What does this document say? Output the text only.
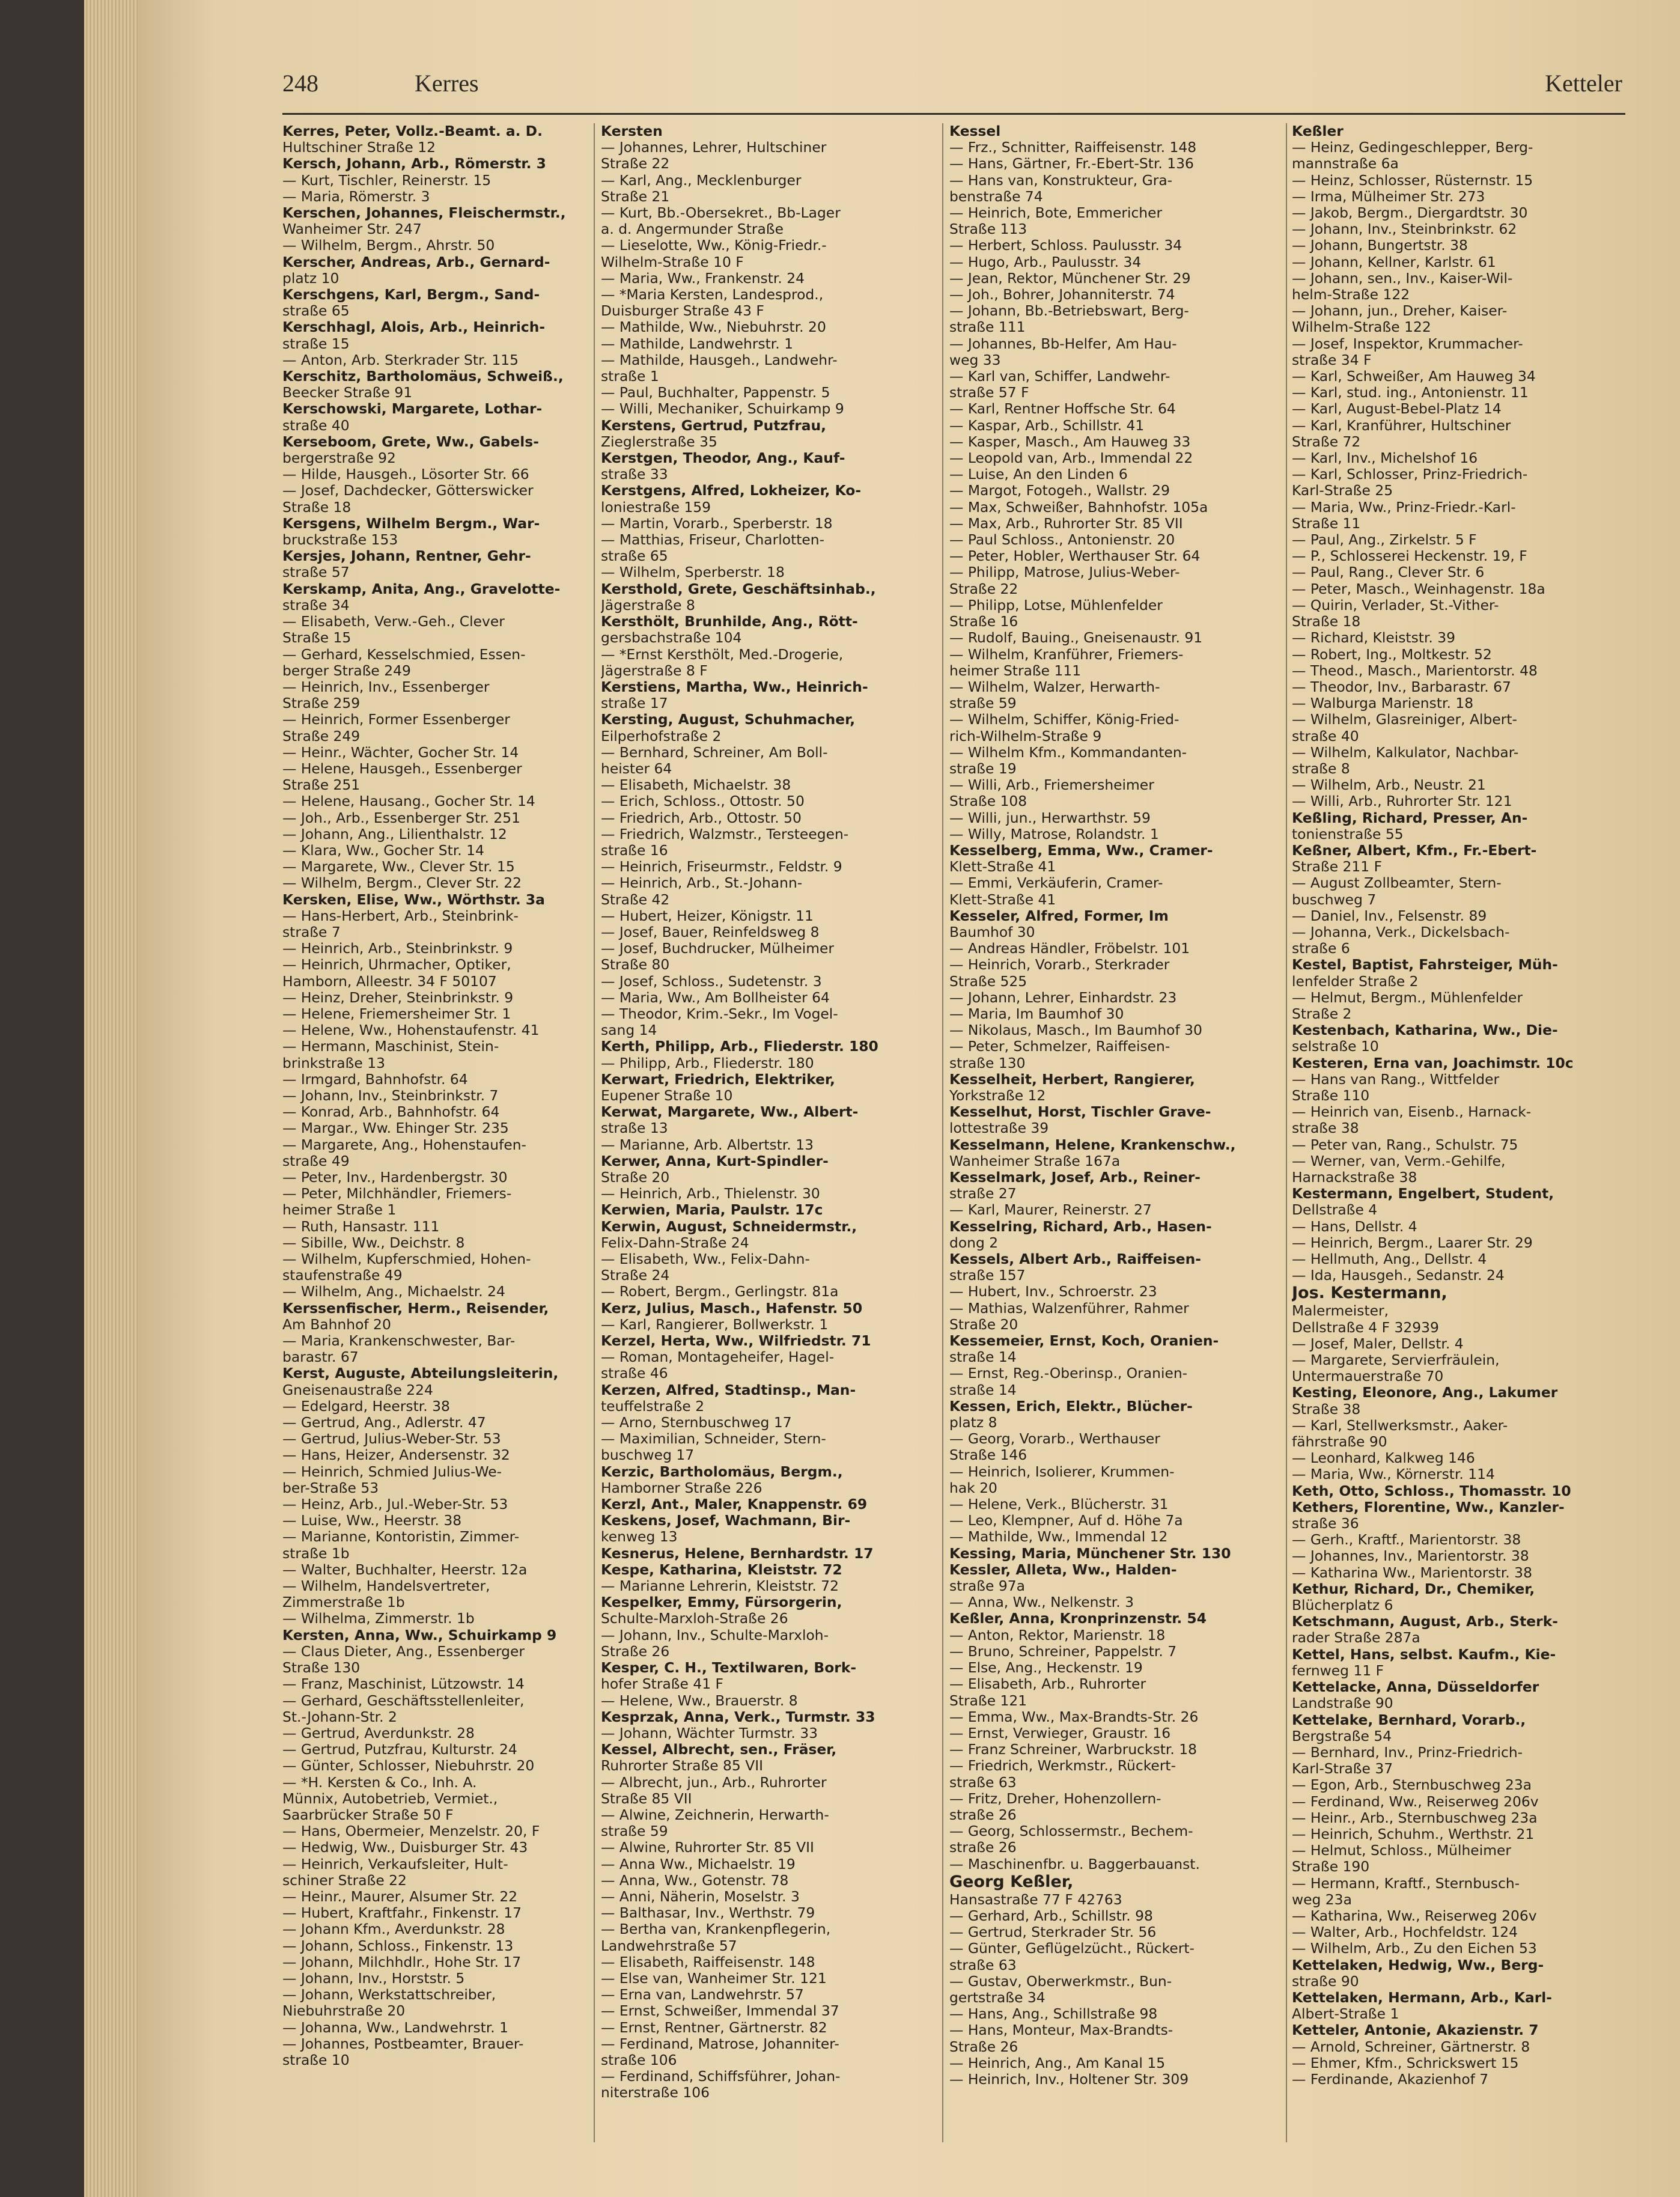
248	Kerres	Ketteler
Kerres, Peter, Vollz.-Beamt. a. D.
Hultschiner Straße 12
Kersch, Johann, Arb., Römerstr. 3
— Kurt, Tischler, Reinerstr. 15
— Maria, Römerstr. 3
Kerschen, Johannes, Fleischermstr.,
Wanheimer Str. 247
— Wilhelm, Bergm., Ahrstr. 50
Kerscher, Andreas, Arb., Gernard-
platz 10
Kerschgens, Karl, Bergm., Sand-
straße 65
Kerschhagl, Alois, Arb., Heinrich-
straße 15
— Anton, Arb. Sterkrader Str. 115
Kerschitz, Bartholomäus, Schweiß.,
Beecker Straße 91
Kerschowski, Margarete, Lothar-
straße 40
Kerseboom, Grete, Ww., Gabels-
bergerstraße 92
— Hilde, Hausgeh., Lösorter Str. 66
— Josef, Dachdecker, Götterswicker
Straße 18
Kersgens, Wilhelm Bergm., War-
bruckstraße 153
Kersjes, Johann, Rentner, Gehr-
straße 57
Kerskamp, Anita, Ang., Gravelotte-
straße 34
— Elisabeth, Verw.-Geh., Clever
Straße 15
— Gerhard, Kesselschmied, Essen-
berger Straße 249
— Heinrich, Inv., Essenberger
Straße 259
— Heinrich, Former Essenberger
Straße 249
— Heinr., Wächter, Gocher Str. 14
— Helene, Hausgeh., Essenberger
Straße 251
— Helene, Hausang., Gocher Str. 14
— Joh., Arb., Essenberger Str. 251
— Johann, Ang., Lilienthalstr. 12
— Klara, Ww., Gocher Str. 14
— Margarete, Ww., Clever Str. 15
— Wilhelm, Bergm., Clever Str. 22
Kersken, Elise, Ww., Wörthstr. 3a
— Hans-Herbert, Arb., Steinbrink-
straße 7
— Heinrich, Arb., Steinbrinkstr. 9
— Heinrich, Uhrmacher, Optiker,
Hamborn, Alleestr. 34 F 50107
— Heinz, Dreher, Steinbrinkstr. 9
— Helene, Friemersheimer Str. 1
— Helene, Ww., Hohenstaufenstr. 41
— Hermann, Maschinist, Stein-
brinkstraße 13
— Irmgard, Bahnhofstr. 64
— Johann, Inv., Steinbrinkstr. 7
— Konrad, Arb., Bahnhofstr. 64
— Margar., Ww. Ehinger Str. 235
— Margarete, Ang., Hohenstaufen-
straße 49
— Peter, Inv., Hardenbergstr. 30
— Peter, Milchhändler, Friemers-
heimer Straße 1
— Ruth, Hansastr. 111
— Sibille, Ww., Deichstr. 8
— Wilhelm, Kupferschmied, Hohen-
staufenstraße 49
— Wilhelm, Ang., Michaelstr. 24
Kerssenfischer, Herm., Reisender,
Am Bahnhof 20
— Maria, Krankenschwester, Bar-
barastr. 67
Kerst, Auguste, Abteilungsleiterin,
Gneisenaustraße 224
— Edelgard, Heerstr. 38
— Gertrud, Ang., Adlerstr. 47
— Gertrud, Julius-Weber-Str. 53
— Hans, Heizer, Andersenstr. 32
— Heinrich, Schmied Julius-We-
ber-Straße 53
— Heinz, Arb., Jul.-Weber-Str. 53
— Luise, Ww., Heerstr. 38
— Marianne, Kontoristin, Zimmer-
straße 1b
— Walter, Buchhalter, Heerstr. 12a
— Wilhelm, Handelsvertreter,
Zimmerstraße 1b
— Wilhelma, Zimmerstr. 1b
Kersten, Anna, Ww., Schuirkamp 9
— Claus Dieter, Ang., Essenberger
Straße 130
— Franz, Maschinist, Lützowstr. 14
— Gerhard, Geschäftsstellenleiter,
St.-Johann-Str. 2
— Gertrud, Averdunkstr. 28
— Gertrud, Putzfrau, Kulturstr. 24
— Günter, Schlosser, Niebuhrstr. 20
— *H. Kersten & Co., Inh. A.
Münnix, Autobetrieb, Vermiet.,
Saarbrücker Straße 50 F
— Hans, Obermeier, Menzelstr. 20, F
— Hedwig, Ww., Duisburger Str. 43
— Heinrich, Verkaufsleiter, Hult-
schiner Straße 22
— Heinr., Maurer, Alsumer Str. 22
— Hubert, Kraftfahr., Finkenstr. 17
— Johann Kfm., Averdunkstr. 28
— Johann, Schloss., Finkenstr. 13
— Johann, Milchhdlr., Hohe Str. 17
— Johann, Inv., Horststr. 5
— Johann, Werkstattschreiber,
Niebuhrstraße 20
— Johanna, Ww., Landwehrstr. 1
— Johannes, Postbeamter, Brauer-
straße 10
Kersten
— Johannes, Lehrer, Hultschiner
Straße 22
— Karl, Ang., Mecklenburger
Straße 21
— Kurt, Bb.-Obersekret., Bb-Lager
a. d. Angermunder Straße
— Lieselotte, Ww., König-Friedr.-
Wilhelm-Straße 10 F
— Maria, Ww., Frankenstr. 24
— *Maria Kersten, Landesprod.,
Duisburger Straße 43 F
— Mathilde, Ww., Niebuhrstr. 20
— Mathilde, Landwehrstr. 1
— Mathilde, Hausgeh., Landwehr-
straße 1
— Paul, Buchhalter, Pappenstr. 5
— Willi, Mechaniker, Schuirkamp 9
Kerstens, Gertrud, Putzfrau,
Zieglerstraße 35
Kerstgen, Theodor, Ang., Kauf-
straße 33
Kerstgens, Alfred, Lokheizer, Ko-
loniestraße 159
— Martin, Vorarb., Sperberstr. 18
— Matthias, Friseur, Charlotten-
straße 65
— Wilhelm, Sperberstr. 18
Kersthold, Grete, Geschäftsinhab.,
Jägerstraße 8
Kersthölt, Brunhilde, Ang., Rött-
gersbachstraße 104
— *Ernst Kersthölt, Med.-Drogerie,
Jägerstraße 8 F
Kerstiens, Martha, Ww., Heinrich-
straße 17
Kersting, August, Schuhmacher,
Eilperhofstraße 2
— Bernhard, Schreiner, Am Boll-
heister 64
— Elisabeth, Michaelstr. 38
— Erich, Schloss., Ottostr. 50
— Friedrich, Arb., Ottostr. 50
— Friedrich, Walzmstr., Tersteegen-
straße 16
— Heinrich, Friseurmstr., Feldstr. 9
— Heinrich, Arb., St.-Johann-
Straße 42
— Hubert, Heizer, Königstr. 11
— Josef, Bauer, Reinfeldsweg 8
— Josef, Buchdrucker, Mülheimer
Straße 80
— Josef, Schloss., Sudetenstr. 3
— Maria, Ww., Am Bollheister 64
— Theodor, Krim.-Sekr., Im Vogel-
sang 14
Kerth, Philipp, Arb., Fliederstr. 180
— Philipp, Arb., Fliederstr. 180
Kerwart, Friedrich, Elektriker,
Eupener Straße 10
Kerwat, Margarete, Ww., Albert-
straße 13
— Marianne, Arb. Albertstr. 13
Kerwer, Anna, Kurt-Spindler-
Straße 20
— Heinrich, Arb., Thielenstr. 30
Kerwien, Maria, Paulstr. 17c
Kerwin, August, Schneidermstr.,
Felix-Dahn-Straße 24
— Elisabeth, Ww., Felix-Dahn-
Straße 24
— Robert, Bergm., Gerlingstr. 81a
Kerz, Julius, Masch., Hafenstr. 50
— Karl, Rangierer, Bollwerkstr. 1
Kerzel, Herta, Ww., Wilfriedstr. 71
— Roman, Montageheifer, Hagel-
straße 46
Kerzen, Alfred, Stadtinsp., Man-
teuffelstraße 2
— Arno, Sternbuschweg 17
— Maximilian, Schneider, Stern-
buschweg 17
Kerzic, Bartholomäus, Bergm.,
Hamborner Straße 226
Kerzl, Ant., Maler, Knappenstr. 69
Keskens, Josef, Wachmann, Bir-
kenweg 13
Kesnerus, Helene, Bernhardstr. 17
Kespe, Katharina, Kleiststr. 72
— Marianne Lehrerin, Kleiststr. 72
Kespelker, Emmy, Fürsorgerin,
Schulte-Marxloh-Straße 26
— Johann, Inv., Schulte-Marxloh-
Straße 26
Kesper, C. H., Textilwaren, Bork-
hofer Straße 41 F
— Helene, Ww., Brauerstr. 8
Kesprzak, Anna, Verk., Turmstr. 33
— Johann, Wächter Turmstr. 33
Kessel, Albrecht, sen., Fräser,
Ruhrorter Straße 85 VII
— Albrecht, jun., Arb., Ruhrorter
Straße 85 VII
— Alwine, Zeichnerin, Herwarth-
straße 59
— Alwine, Ruhrorter Str. 85 VII
— Anna Ww., Michaelstr. 19
— Anna, Ww., Gotenstr. 78
— Anni, Näherin, Moselstr. 3
— Balthasar, Inv., Werthstr. 79
— Bertha van, Krankenpflegerin,
Landwehrstraße 57
— Elisabeth, Raiffeisenstr. 148
— Else van, Wanheimer Str. 121
— Erna van, Landwehrstr. 57
— Ernst, Schweißer, Immendal 37
— Ernst, Rentner, Gärtnerstr. 82
— Ferdinand, Matrose, Johanniter-
straße 106
— Ferdinand, Schiffsführer, Johan-
niterstraße 106
Kessel
— Frz., Schnitter, Raiffeisenstr. 148
— Hans, Gärtner, Fr.-Ebert-Str. 136
— Hans van, Konstrukteur, Gra-
benstraße 74
— Heinrich, Bote, Emmericher
Straße 113
— Herbert, Schloss. Paulusstr. 34
— Hugo, Arb., Paulusstr. 34
— Jean, Rektor, Münchener Str. 29
— Joh., Bohrer, Johanniterstr. 74
— Johann, Bb.-Betriebswart, Berg-
straße 111
— Johannes, Bb-Helfer, Am Hau-
weg 33
— Karl van, Schiffer, Landwehr-
straße 57 F
— Karl, Rentner Hoffsche Str. 64
— Kaspar, Arb., Schillstr. 41
— Kasper, Masch., Am Hauweg 33
— Leopold van, Arb., Immendal 22
— Luise, An den Linden 6
— Margot, Fotogeh., Wallstr. 29
— Max, Schweißer, Bahnhofstr. 105a
— Max, Arb., Ruhrorter Str. 85 VII
— Paul Schloss., Antonienstr. 20
— Peter, Hobler, Werthauser Str. 64
— Philipp, Matrose, Julius-Weber-
Straße 22
— Philipp, Lotse, Mühlenfelder
Straße 16
— Rudolf, Bauing., Gneisenaustr. 91
— Wilhelm, Kranführer, Friemers-
heimer Straße 111
— Wilhelm, Walzer, Herwarth-
straße 59
— Wilhelm, Schiffer, König-Fried-
rich-Wilhelm-Straße 9
— Wilhelm Kfm., Kommandanten-
straße 19
— Willi, Arb., Friemersheimer
Straße 108
— Willi, jun., Herwarthstr. 59
— Willy, Matrose, Rolandstr. 1
Kesselberg, Emma, Ww., Cramer-
Klett-Straße 41
— Emmi, Verkäuferin, Cramer-
Klett-Straße 41
Kesseler, Alfred, Former, Im
Baumhof 30
— Andreas Händler, Fröbelstr. 101
— Heinrich, Vorarb., Sterkrader
Straße 525
— Johann, Lehrer, Einhardstr. 23
— Maria, Im Baumhof 30
— Nikolaus, Masch., Im Baumhof 30
— Peter, Schmelzer, Raiffeisen-
straße 130
Kesselheit, Herbert, Rangierer,
Yorkstraße 12
Kesselhut, Horst, Tischler Grave-
lottestraße 39
Kesselmann, Helene, Krankenschw.,
Wanheimer Straße 167a
Kesselmark, Josef, Arb., Reiner-
straße 27
— Karl, Maurer, Reinerstr. 27
Kesselring, Richard, Arb., Hasen-
dong 2
Kessels, Albert Arb., Raiffeisen-
straße 157
— Hubert, Inv., Schroerstr. 23
— Mathias, Walzenführer, Rahmer
Straße 20
Kessemeier, Ernst, Koch, Oranien-
straße 14
— Ernst, Reg.-Oberinsp., Oranien-
straße 14
Kessen, Erich, Elektr., Blücher-
platz 8
— Georg, Vorarb., Werthauser
Straße 146
— Heinrich, Isolierer, Krummen-
hak 20
— Helene, Verk., Blücherstr. 31
— Leo, Klempner, Auf d. Höhe 7a
— Mathilde, Ww., Immendal 12
Kessing, Maria, Münchener Str. 130
Kessler, Alleta, Ww., Halden-
straße 97a
— Anna, Ww., Nelkenstr. 3
Keßler, Anna, Kronprinzenstr. 54
— Anton, Rektor, Marienstr. 18
— Bruno, Schreiner, Pappelstr. 7
— Else, Ang., Heckenstr. 19
— Elisabeth, Arb., Ruhrorter
Straße 121
— Emma, Ww., Max-Brandts-Str. 26
— Ernst, Verwieger, Graustr. 16
— Franz Schreiner, Warbruckstr. 18
— Friedrich, Werkmstr., Rückert-
straße 63
— Fritz, Dreher, Hohenzollern-
straße 26
— Georg, Schlossermstr., Bechem-
straße 26
— Maschinenfbr. u. Baggerbauanst.
Georg Keßler,
Hansastraße 77 F 42763
— Gerhard, Arb., Schillstr. 98
— Gertrud, Sterkrader Str. 56
— Günter, Geflügelzücht., Rückert-
straße 63
— Gustav, Oberwerkmstr., Bun-
gertstraße 34
— Hans, Ang., Schillstraße 98
— Hans, Monteur, Max-Brandts-
Straße 26
— Heinrich, Ang., Am Kanal 15
— Heinrich, Inv., Holtener Str. 309
Keßler
— Heinz, Gedingeschlepper, Berg-
mannstraße 6a
— Heinz, Schlosser, Rüsternstr. 15
— Irma, Mülheimer Str. 273
— Jakob, Bergm., Diergardtstr. 30
— Johann, Inv., Steinbrinkstr. 62
— Johann, Bungertstr. 38
— Johann, Kellner, Karlstr. 61
— Johann, sen., Inv., Kaiser-Wil-
helm-Straße 122
— Johann, jun., Dreher, Kaiser-
Wilhelm-Straße 122
— Josef, Inspektor, Krummacher-
straße 34 F
— Karl, Schweißer, Am Hauweg 34
— Karl, stud. ing., Antonienstr. 11
— Karl, August-Bebel-Platz 14
— Karl, Kranführer, Hultschiner
Straße 72
— Karl, Inv., Michelshof 16
— Karl, Schlosser, Prinz-Friedrich-
Karl-Straße 25
— Maria, Ww., Prinz-Friedr.-Karl-
Straße 11
— Paul, Ang., Zirkelstr. 5 F
— P., Schlosserei Heckenstr. 19, F
— Paul, Rang., Clever Str. 6
— Peter, Masch., Weinhagenstr. 18a
— Quirin, Verlader, St.-Vither-
Straße 18
— Richard, Kleiststr. 39
— Robert, Ing., Moltkestr. 52
— Theod., Masch., Marientorstr. 48
— Theodor, Inv., Barbarastr. 67
— Walburga Marienstr. 18
— Wilhelm, Glasreiniger, Albert-
straße 40
— Wilhelm, Kalkulator, Nachbar-
straße 8
— Wilhelm, Arb., Neustr. 21
— Willi, Arb., Ruhrorter Str. 121
Keßling, Richard, Presser, An-
tonienstraße 55
Keßner, Albert, Kfm., Fr.-Ebert-
Straße 211 F
— August Zollbeamter, Stern-
buschweg 7
— Daniel, Inv., Felsenstr. 89
— Johanna, Verk., Dickelsbach-
straße 6
Kestel, Baptist, Fahrsteiger, Müh-
lenfelder Straße 2
— Helmut, Bergm., Mühlenfelder
Straße 2
Kestenbach, Katharina, Ww., Die-
selstraße 10
Kesteren, Erna van, Joachimstr. 10c
— Hans van Rang., Wittfelder
Straße 110
— Heinrich van, Eisenb., Harnack-
straße 38
— Peter van, Rang., Schulstr. 75
— Werner, van, Verm.-Gehilfe,
Harnackstraße 38
Kestermann, Engelbert, Student,
Dellstraße 4
— Hans, Dellstr. 4
— Heinrich, Bergm., Laarer Str. 29
— Hellmuth, Ang., Dellstr. 4
— Ida, Hausgeh., Sedanstr. 24
Jos. Kestermann,
Malermeister,
Dellstraße 4 F 32939
— Josef, Maler, Dellstr. 4
— Margarete, Servierfräulein,
Untermauerstraße 70
Kesting, Eleonore, Ang., Lakumer
Straße 38
— Karl, Stellwerksmstr., Aaker-
fährstraße 90
— Leonhard, Kalkweg 146
— Maria, Ww., Körnerstr. 114
Keth, Otto, Schloss., Thomasstr. 10
Kethers, Florentine, Ww., Kanzler-
straße 36
— Gerh., Kraftf., Marientorstr. 38
— Johannes, Inv., Marientorstr. 38
— Katharina Ww., Marientorstr. 38
Kethur, Richard, Dr., Chemiker,
Blücherplatz 6
Ketschmann, August, Arb., Sterk-
rader Straße 287a
Kettel, Hans, selbst. Kaufm., Kie-
fernweg 11 F
Kettelacke, Anna, Düsseldorfer
Landstraße 90
Kettelake, Bernhard, Vorarb.,
Bergstraße 54
— Bernhard, Inv., Prinz-Friedrich-
Karl-Straße 37
— Egon, Arb., Sternbuschweg 23a
— Ferdinand, Ww., Reiserweg 206v
— Heinr., Arb., Sternbuschweg 23a
— Heinrich, Schuhm., Werthstr. 21
— Helmut, Schloss., Mülheimer
Straße 190
— Hermann, Kraftf., Sternbusch-
weg 23a
— Katharina, Ww., Reiserweg 206v
— Walter, Arb., Hochfeldstr. 124
— Wilhelm, Arb., Zu den Eichen 53
Kettelaken, Hedwig, Ww., Berg-
straße 90
Kettelaken, Hermann, Arb., Karl-
Albert-Straße 1
Ketteler, Antonie, Akazienstr. 7
— Arnold, Schreiner, Gärtnerstr. 8
— Ehmer, Kfm., Schrickswert 15
— Ferdinande, Akazienhof 7
